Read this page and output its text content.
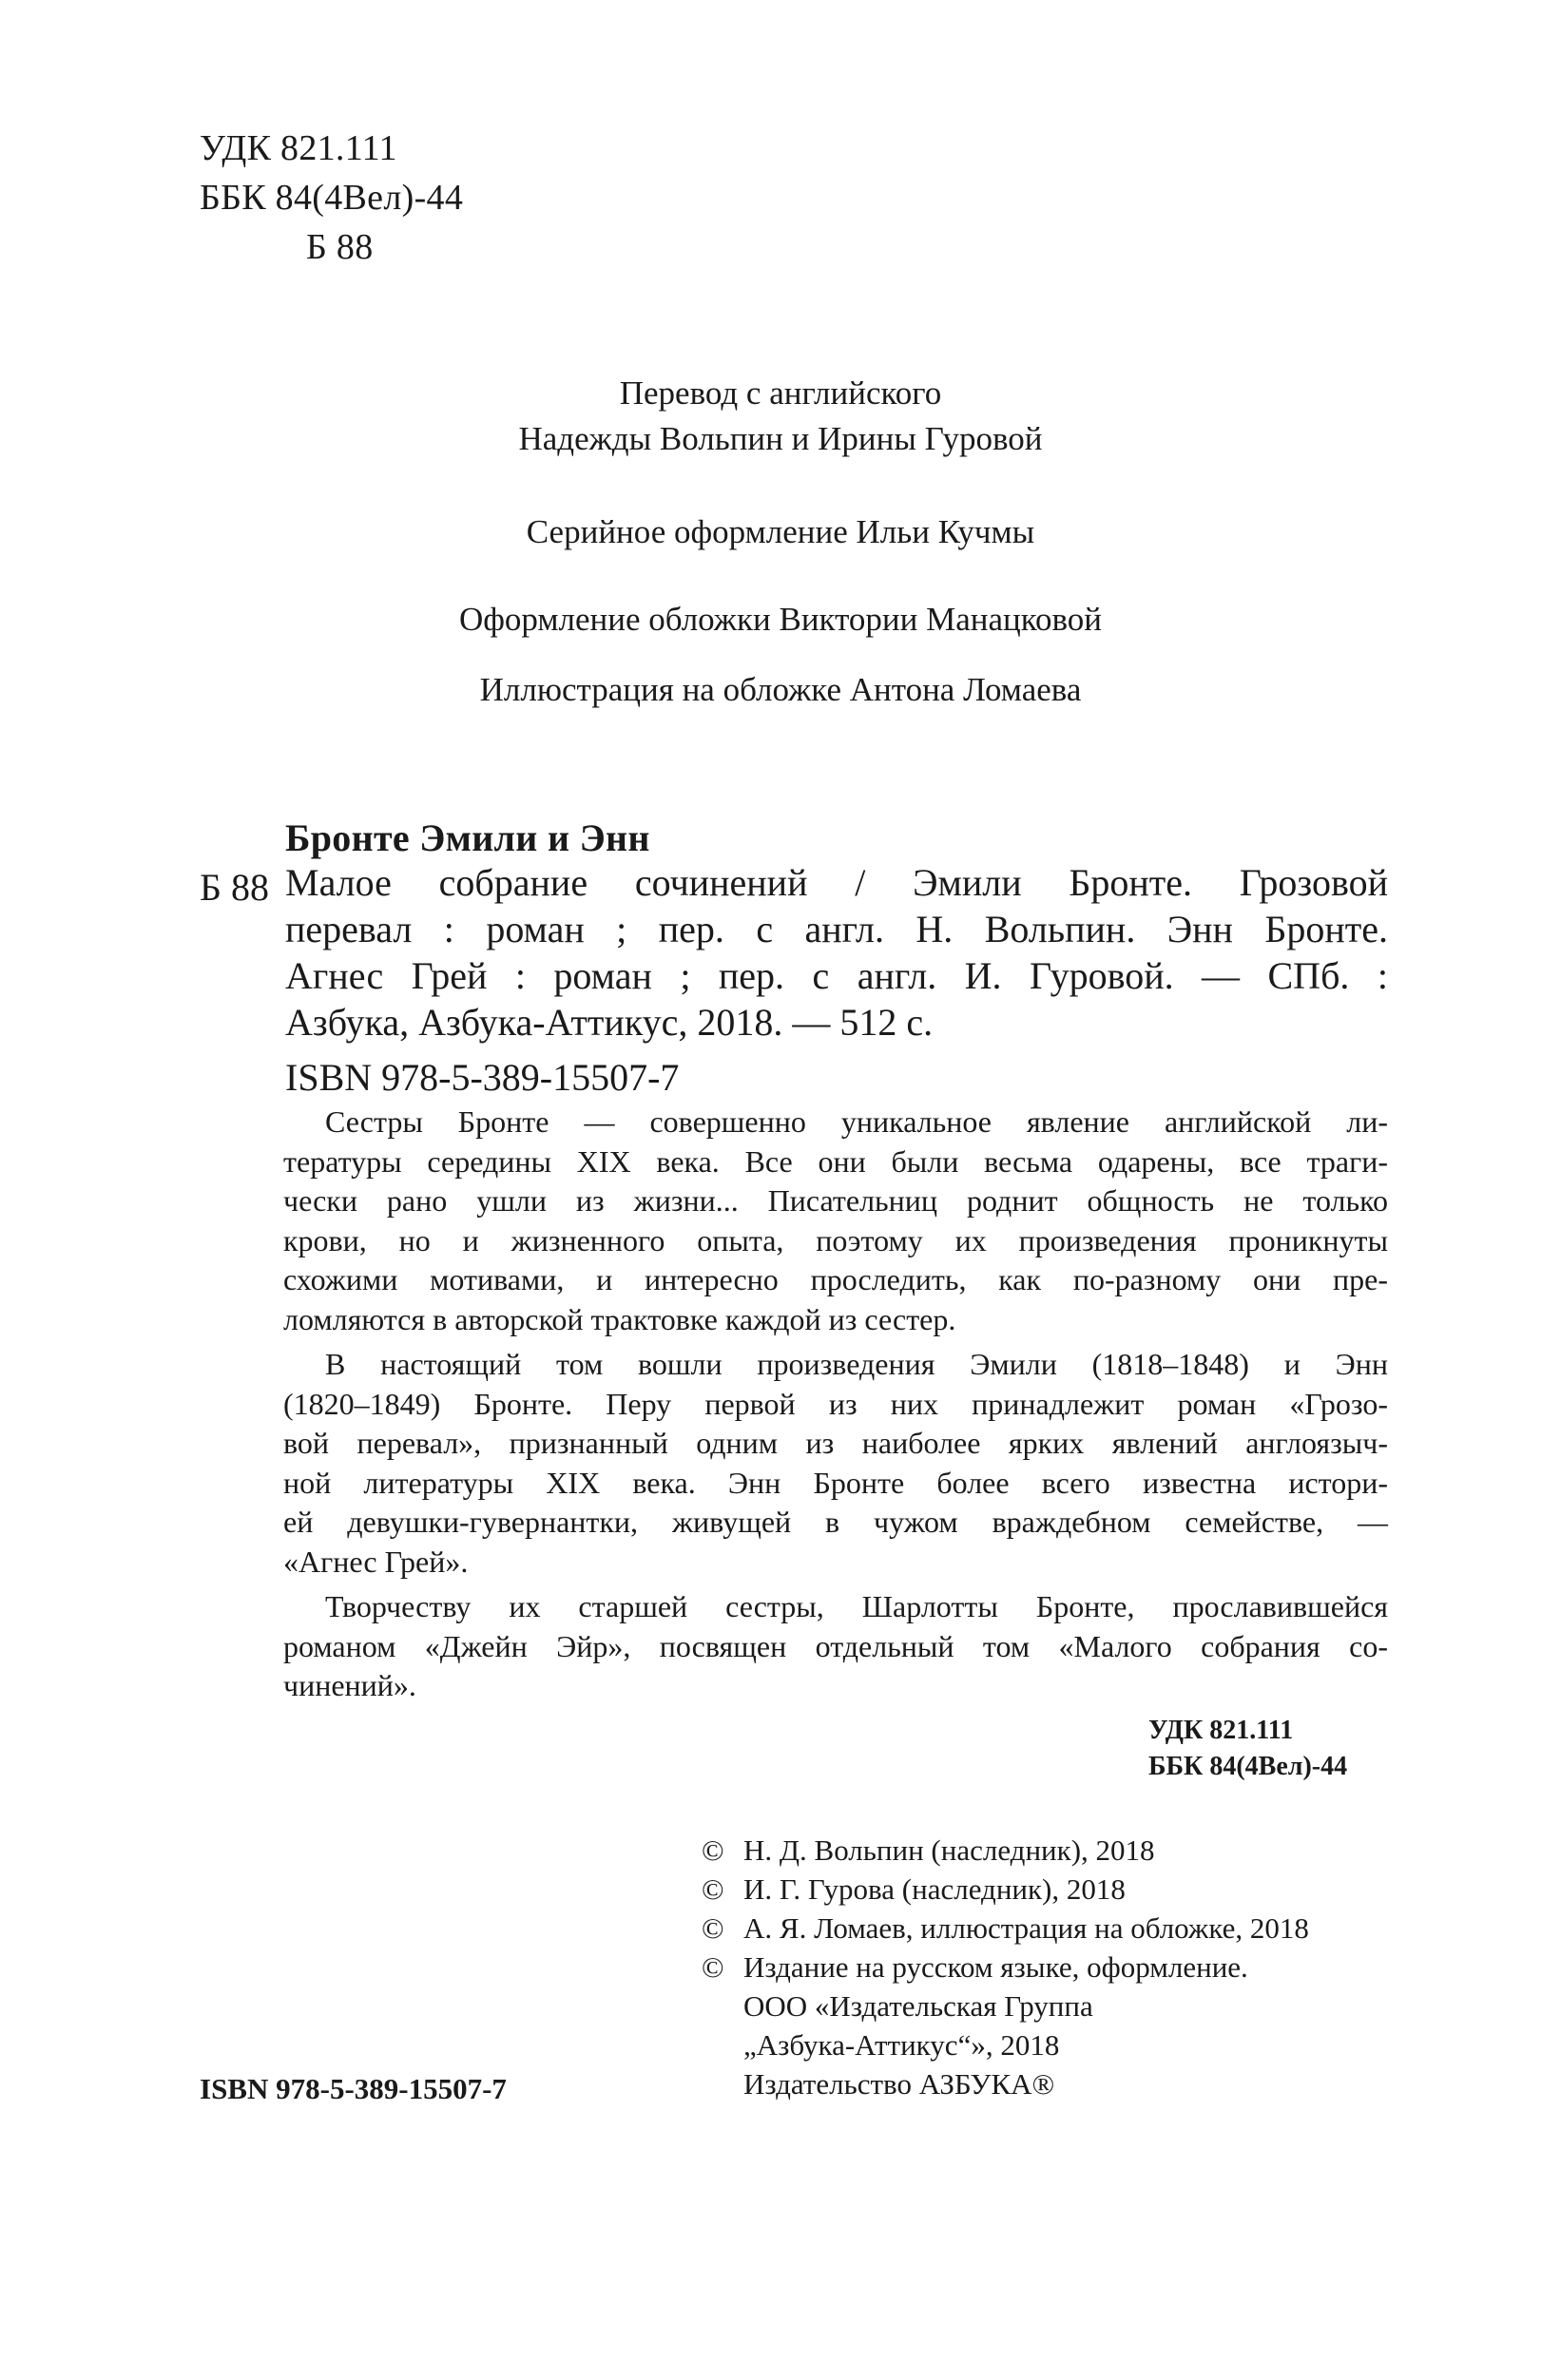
УДК 821.111
ББК 84(4Вел)-44
Б 88
Перевод с английского
Надежды Вольпин и Ирины Гуровой
Серийное оформление Ильи Кучмы
Оформление обложки Виктории Манацковой
Иллюстрация на обложке Антона Ломаева
Бронте Эмили и Энн
Б 88 Малое собрание сочинений / Эмили Бронте. Грозовой
перевал : роман ; пер. с англ. Н. Вольпин. Энн Бронте.
Агнес Грей : роман ; пер. с англ. И. Гуровой. — СПб. :
Азбука, Азбука-Аттикус, 2018. — 512 с.
ISBN 978-5-389-15507-7

Сестры Бронте — совершенно уникальное явление английской ли-
тературы середины XIX века. Все они были весьма одарены, все траги-
чески рано ушли из жизни... Писательниц роднит общность не только
крови, но и жизненного опыта, поэтому их произведения проникнуты
схожими мотивами, и интересно проследить, как по-разному они пре-
ломляются в авторской трактовке каждой из сестер.

В настоящий том вошли произведения Эмили (1818–1848) и Энн
(1820–1849) Бронте. Перу первой из них принадлежит роман «Грозо-
вой перевал», признанный одним из наиболее ярких явлений англоязыч-
ной литературы XIX века. Энн Бронте более всего известна истори-
ей девушки-гувернантки, живущей в чужом враждебном семействе, —
«Агнес Грей».

Творчеству их старшей сестры, Шарлотты Бронте, прославившейся
романом «Джейн Эйр», посвящен отдельный том «Малого собрания со-
чинений».

УДК 821.111
ББК 84(4Вел)-44
© Н. Д. Вольпин (наследник), 2018
© И. Г. Гурова (наследник), 2018
© А. Я. Ломаев, иллюстрация на обложке, 2018
© Издание на русском языке, оформление.
ООО «Издательская Группа
„Азбука-Аттикус“», 2018
Издательство АЗБУКА®
ISBN 978-5-389-15507-7
